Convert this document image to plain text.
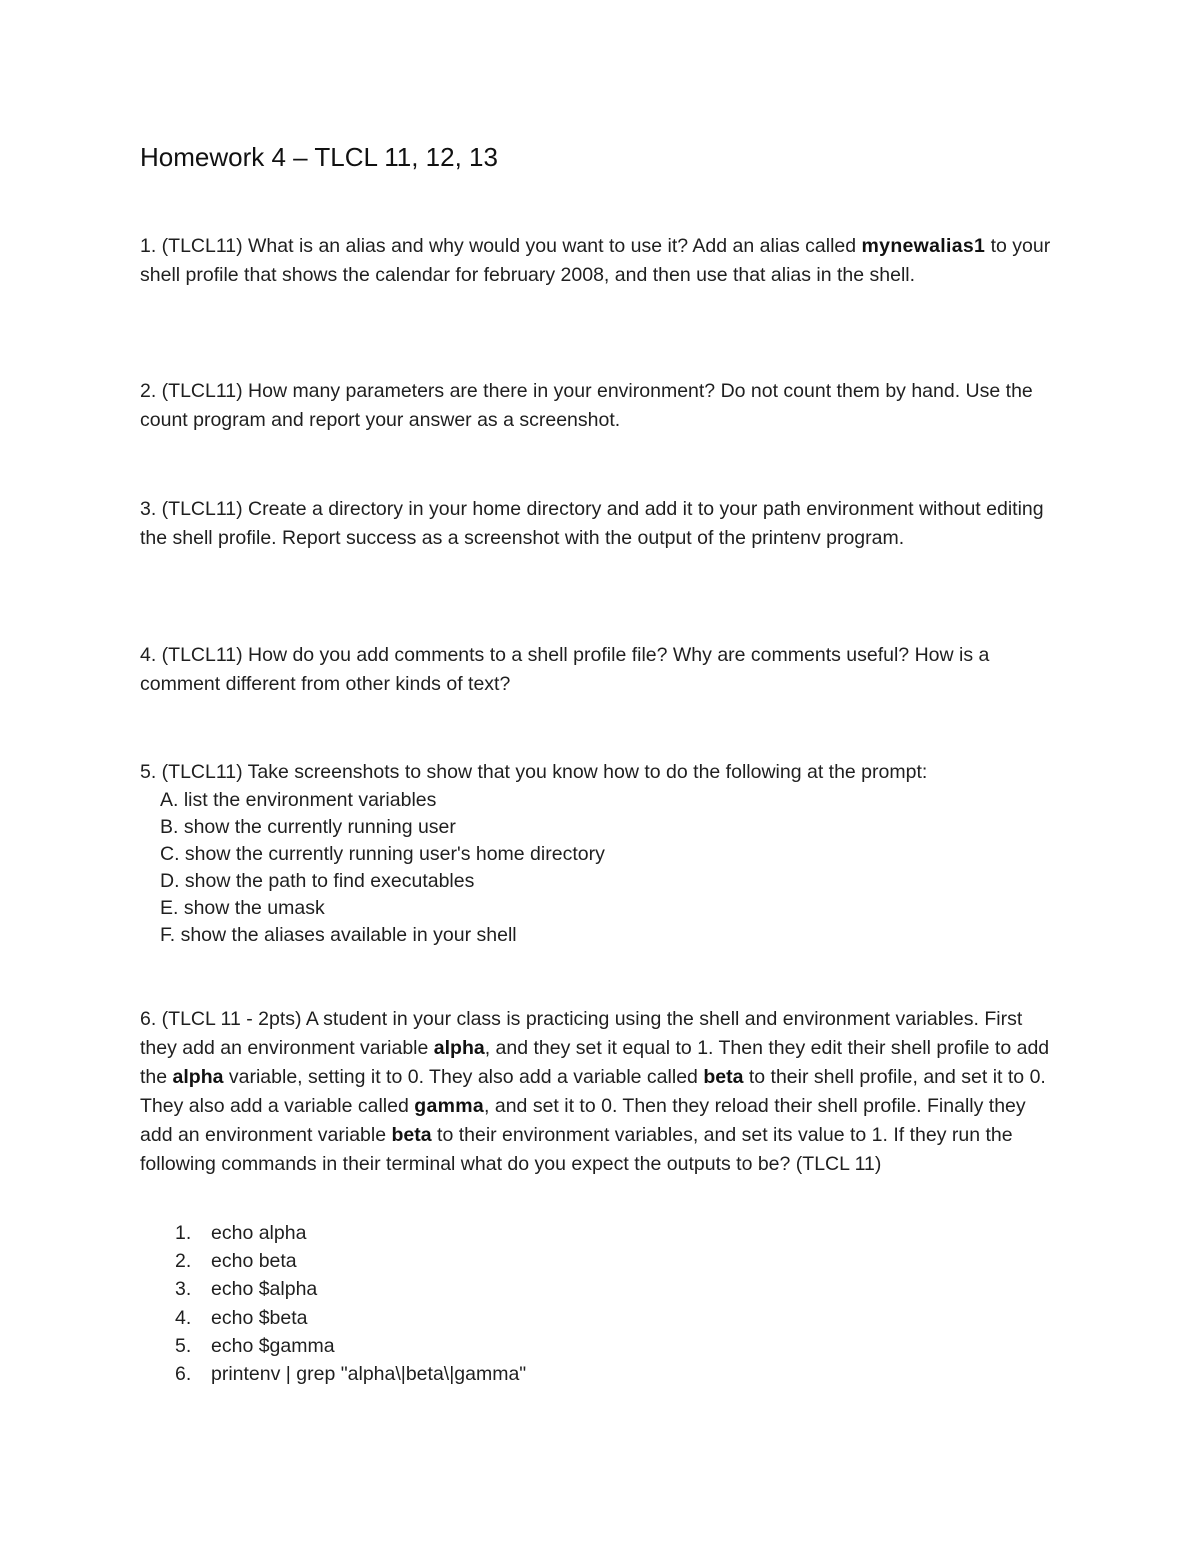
Homework 4 – TLCL 11, 12, 13

1. (TLCL11) What is an alias and why would you want to use it? Add an alias called mynewalias1 to your shell profile that shows the calendar for february 2008, and then use that alias in the shell.

2. (TLCL11) How many parameters are there in your environment? Do not count them by hand. Use the count program and report your answer as a screenshot.

3. (TLCL11) Create a directory in your home directory and add it to your path environment without editing the shell profile. Report success as a screenshot with the output of the printenv program.

4. (TLCL11) How do you add comments to a shell profile file? Why are comments useful? How is a comment different from other kinds of text?

5. (TLCL11) Take screenshots to show that you know how to do the following at the prompt:

A. list the environment variables
B. show the currently running user
C. show the currently running user's home directory
D. show the path to find executables
E. show the umask
F. show the aliases available in your shell

6. (TLCL 11 - 2pts) A student in your class is practicing using the shell and environment variables. First they add an environment variable alpha, and they set it equal to 1. Then they edit their shell profile to add the alpha variable, setting it to 0. They also add a variable called beta to their shell profile, and set it to 0. They also add a variable called gamma, and set it to 0. Then they reload their shell profile. Finally they add an environment variable beta to their environment variables, and set its value to 1. If they run the following commands in their terminal what do you expect the outputs to be? (TLCL 11)

1. echo alpha
2. echo beta
3. echo $alpha
4. echo $beta
5. echo $gamma
6. printenv | grep "alpha\|beta\|gamma"
